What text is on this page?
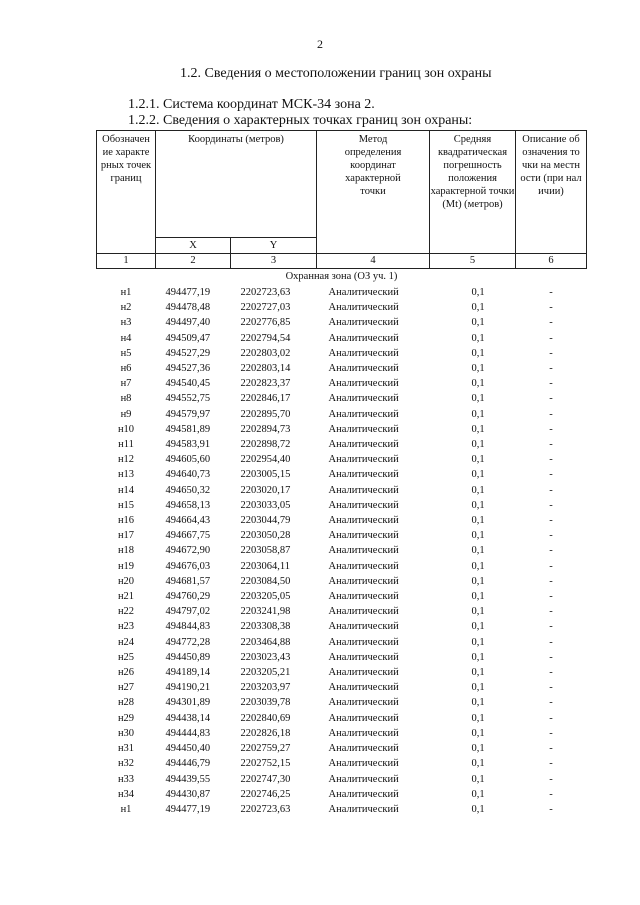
2
1.2. Сведения о местоположении границ зон охраны
1.2.1. Система координат МСК-34 зона 2.
1.2.2. Сведения о характерных точках границ зон охраны:
Обозначение характерных точек границ	Координаты (метров)		Метод определения координат характерной точки	Средняя квадратическая погрешность положения характерной точки (Mt) (метров)	Описание обозначения точки на местности (при наличии)

	X	Y			
1	2	3	4	5	6
Охранная зона (ОЗ уч. 1)					
н1	494477,19	2202723,63	Аналитический	0,1	-
н2	494478,48	2202727,03	Аналитический	0,1	-
н3	494497,40	2202776,85	Аналитический	0,1	-
н4	494509,47	2202794,54	Аналитический	0,1	-
н5	494527,29	2202803,02	Аналитический	0,1	-
н6	494527,36	2202803,14	Аналитический	0,1	-
н7	494540,45	2202823,37	Аналитический	0,1	-
н8	494552,75	2202846,17	Аналитический	0,1	-
н9	494579,97	2202895,70	Аналитический	0,1	-
н10	494581,89	2202894,73	Аналитический	0,1	-
н11	494583,91	2202898,72	Аналитический	0,1	-
н12	494605,60	2202954,40	Аналитический	0,1	-
н13	494640,73	2203005,15	Аналитический	0,1	-
н14	494650,32	2203020,17	Аналитический	0,1	-
н15	494658,13	2203033,05	Аналитический	0,1	-
н16	494664,43	2203044,79	Аналитический	0,1	-
н17	494667,75	2203050,28	Аналитический	0,1	-
н18	494672,90	2203058,87	Аналитический	0,1	-
н19	494676,03	2203064,11	Аналитический	0,1	-
н20	494681,57	2203084,50	Аналитический	0,1	-
н21	494760,29	2203205,05	Аналитический	0,1	-
н22	494797,02	2203241,98	Аналитический	0,1	-
н23	494844,83	2203308,38	Аналитический	0,1	-
н24	494772,28	2203464,88	Аналитический	0,1	-
н25	494450,89	2203023,43	Аналитический	0,1	-
н26	494189,14	2203205,21	Аналитический	0,1	-
н27	494190,21	2203203,97	Аналитический	0,1	-
н28	494301,89	2203039,78	Аналитический	0,1	-
н29	494438,14	2202840,69	Аналитический	0,1	-
н30	494444,83	2202826,18	Аналитический	0,1	-
н31	494450,40	2202759,27	Аналитический	0,1	-
н32	494446,79	2202752,15	Аналитический	0,1	-
н33	494439,55	2202747,30	Аналитический	0,1	-
н34	494430,87	2202746,25	Аналитический	0,1	-
н1	494477,19	2202723,63	Аналитический	0,1	-
